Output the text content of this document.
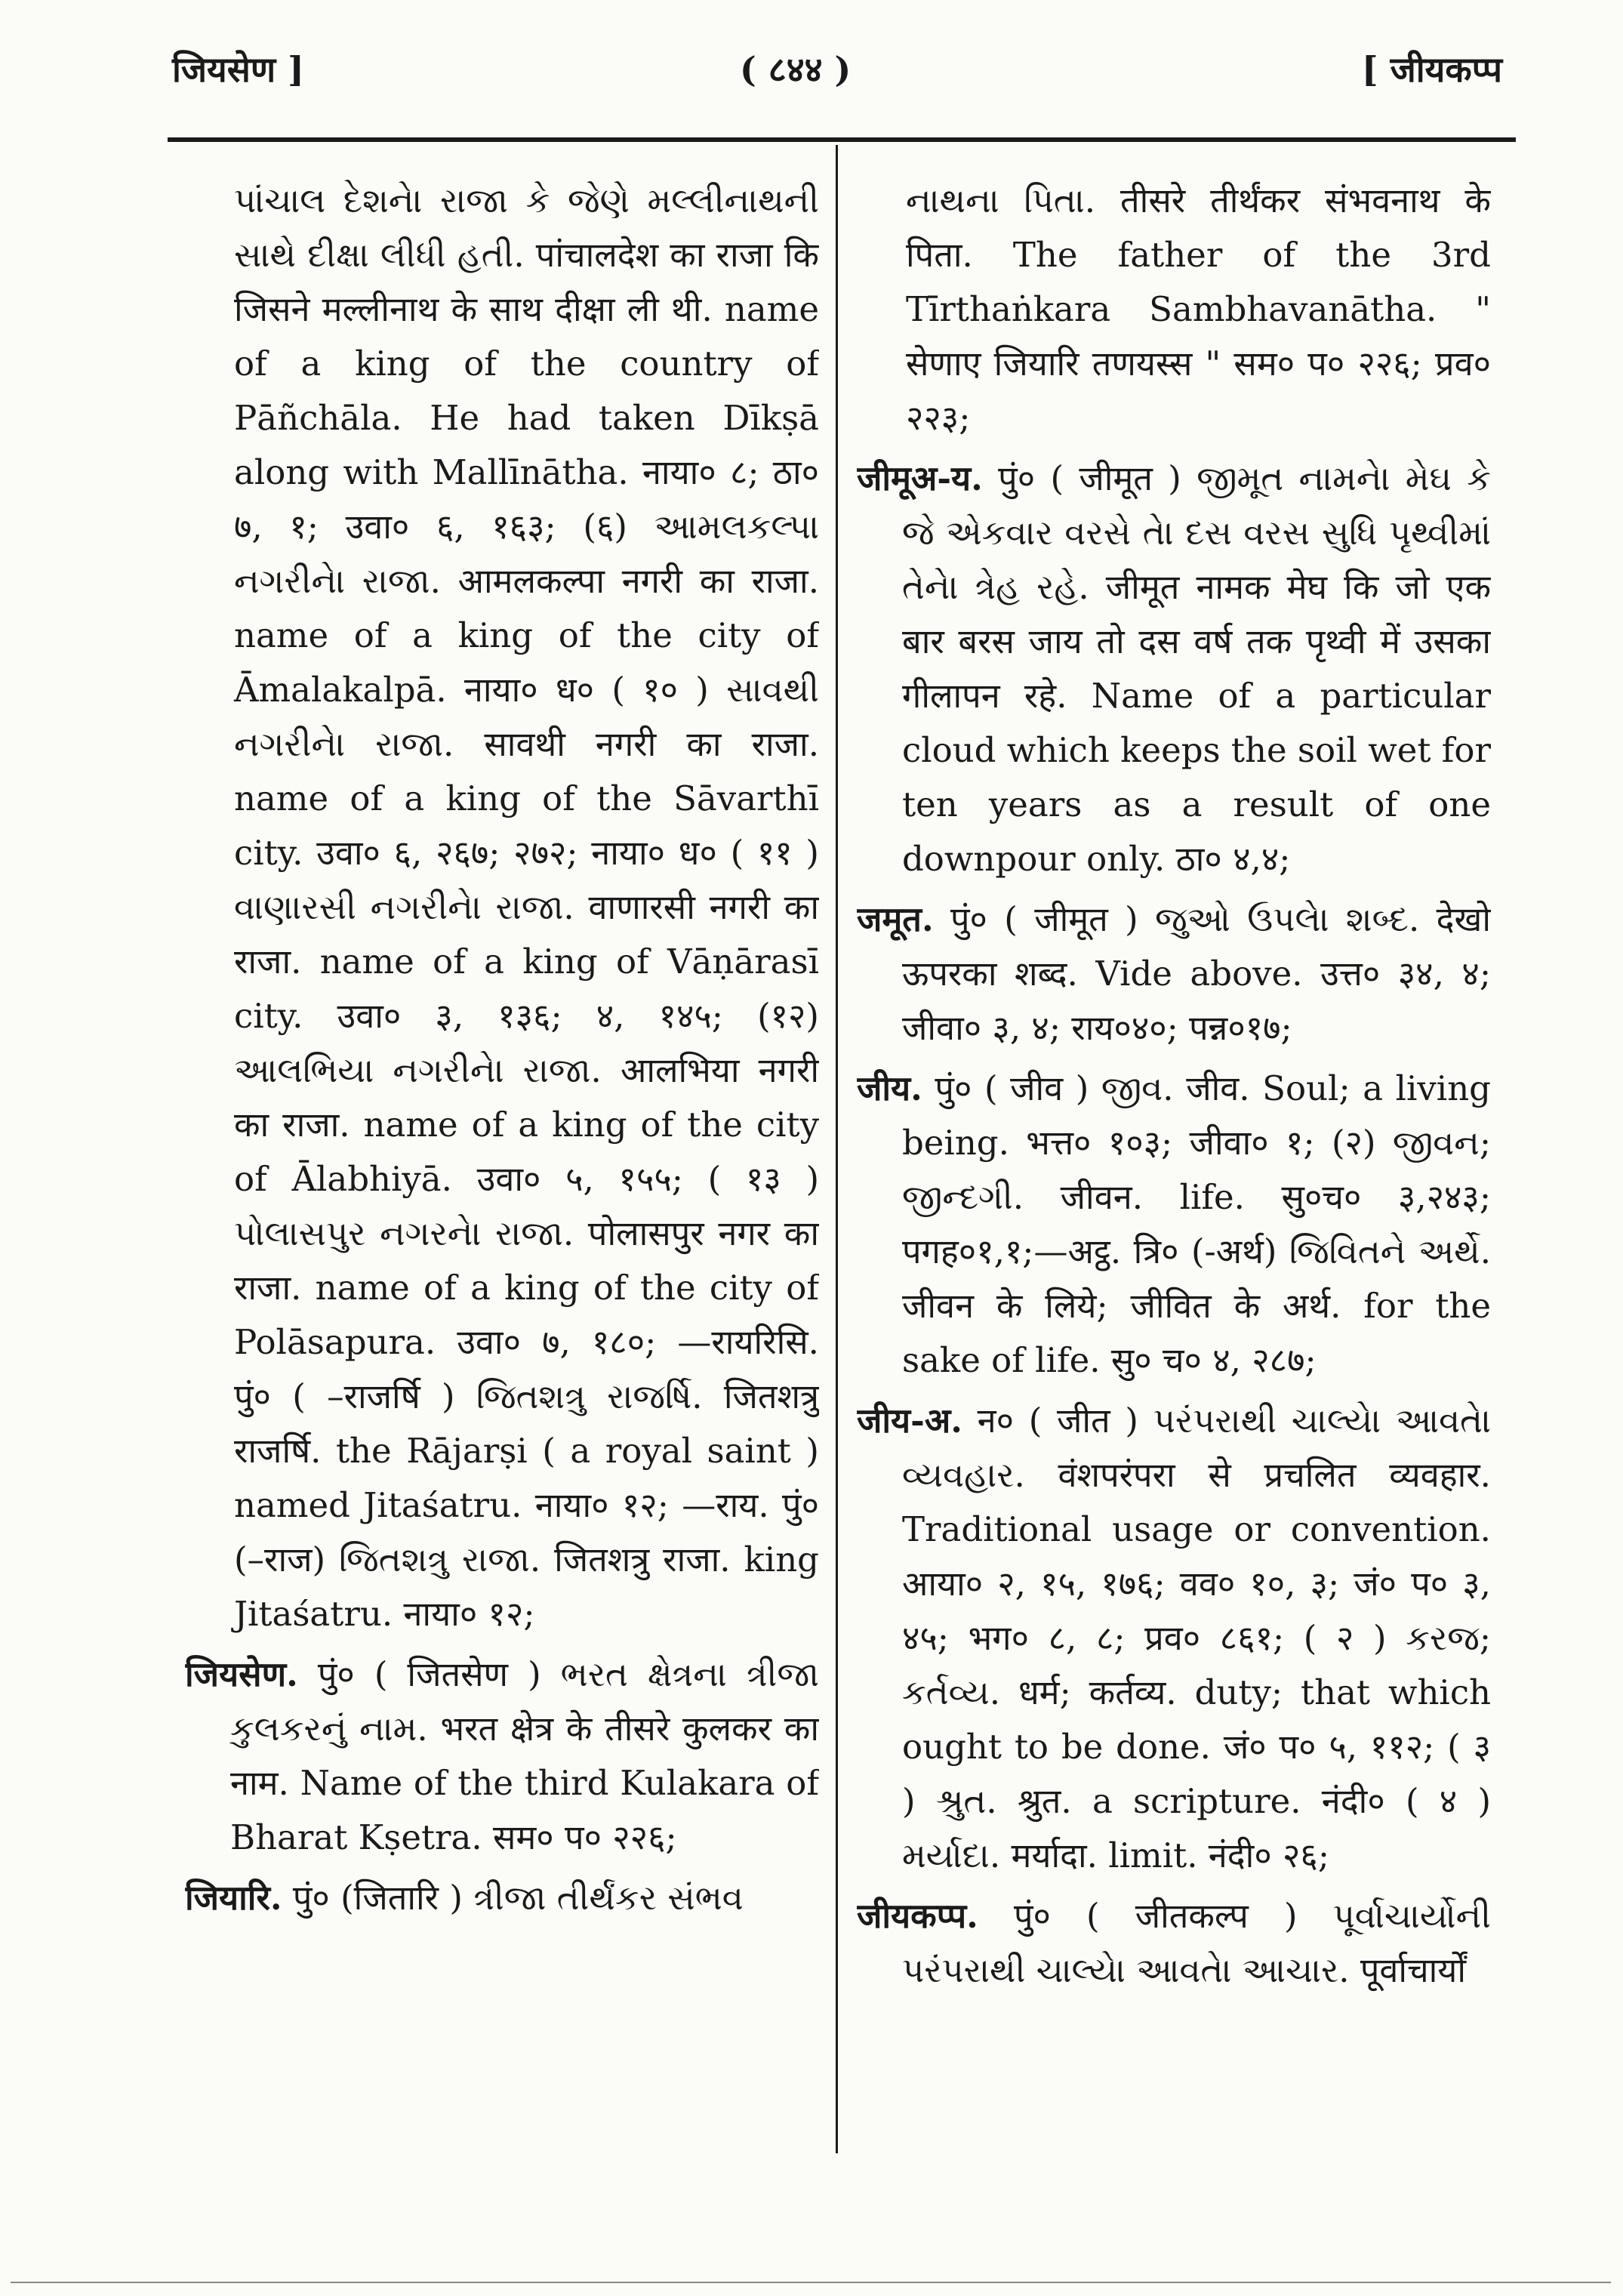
जियसेण ]	( ८४४ )	[ जीयकप्प

પાંચાલ દેશનેા રાજા કે જેણે મલ્લીનાથની સાથે દીક્ષા લીધી હતી. पांचालदेश का राजा कि जिसने मल्लीनाथ के साथ दीक्षा ली थी. name of a king of the country of Pāñchāla. He had taken Dīkṣā along with Mallīnātha. नाया० ८; ठा० ७, १; उवा० ६, १६३; (६) આમલકલ્પા નગરીનેા રાજા. आमलकल्पा नगरी का राजा. name of a king of the city of Āmalakalpā. नाया० ध० ( १० ) સાવથી નગરીનેા રાજા. सावथी नगरी का राजा. name of a king of the Sāvarthī city. उवा० ६, २६७; २७२; नाया० ध० ( ११ ) વાણારસી નગરીનેા રાજા. वाणारसी नगरी का राजा. name of a king of Vāṇārasī city. उवा० ३, १३६; ४, १४५; (१२) આલભિયા નગરીનેા રાજા. आलभिया नगरी का राजा. name of a king of the city of Ālabhiyā. उवा० ५, १५५; ( १३ ) પોલાસપુર નગરનેા રાજા. पोलासपुर नगर का राजा. name of a king of the city of Polāsapura. उवा० ७, १८०; —रायरिसि. पुं० ( –राजर्षि ) જિતશત્રુ રાજર્ષિ. जितशत्रु राजर्षि. the Rājarṣi ( a royal saint ) named Jitaśatru. नाया० १२; —राय. पुं० (–राज) જિતશત્રુ રાજા. जितशत्रु राजा. king Jitaśatru. नाया० १२;

जियसेण. पुं० ( जितसेण ) ભરત ક્ષેત્રના ત્રીજા કુલકરનું નામ. भरत क्षेत्र के तीसरे कुलकर का नाम. Name of the third Kulakara of Bharat Kṣetra. सम० प० २२६;

जियारि. पुं० (जितारि ) ત્રીજા તીર્થંકર સંભવ

નાથના પિતા. तीसरे तीर्थंकर संभवनाथ के पिता. The father of the 3rd Tīrthaṅkara Sambhavanātha. " सेणाए जियारि तणयस्स " सम० प० २२६; प्रव० २२३;

जीमूअ-य. पुं० ( जीमूत ) જીમૂત નામનેા મેઘ કે જે એકવાર વરસે તેા દસ વરસ સુધિ પૃથ્વીમાં તેનેા ત્રેહ રહે. जीमूत नामक मेघ कि जो एक बार बरस जाय तो दस वर्ष तक पृथ्वी में उसका गीलापन रहे. Name of a particular cloud which keeps the soil wet for ten years as a result of one downpour only. ठा० ४,४;

जमूत. पुं० ( जीमूत ) જુઓ ઉપલેા શબ્દ. देखो ऊपरका शब्द. Vide above. उत्त० ३४, ४; जीवा० ३, ४; राय०४०; पन्न०१७;

जीय. पुं० ( जीव ) જીવ. जीव. Soul; a living being. भत्त० १०३; जीवा० १; (२) જીવન; જીન્દગી. जीवन. life. सु०च० ३,२४३; पगह०१,१;—अट्ठ. त्रि० (-अर्थ) જિવિતને અર્થે. जीवन के लिये; जीवित के अर्थ. for the sake of life. सु० च० ४, २८७;

जीय-अ. न० ( जीत ) પરંપરાથી ચાલ્યેા આવતેા વ્યવહાર. वंशपरंपरा से प्रचलित व्यवहार. Traditional usage or convention. आया० २, १५, १७६; वव० १०, ३; जं० प० ३, ४५; भग० ८, ८; प्रव० ८६१; ( २ ) કરજ; કર્તવ્ય. धर्म; कर्तव्य. duty; that which ought to be done. जं० प० ५, ११२; ( ३ ) શ્રુત. श्रुत. a scripture. नंदी० ( ४ ) મર્યાદા. मर्यादा. limit. नंदी० २६;

जीयकप्प. पुं० ( जीतकल्प ) પૂર્વાચાર્યોની પરંપરાથી ચાલ્યેા આવતેા આચાર. पूर्वाचार्यों
